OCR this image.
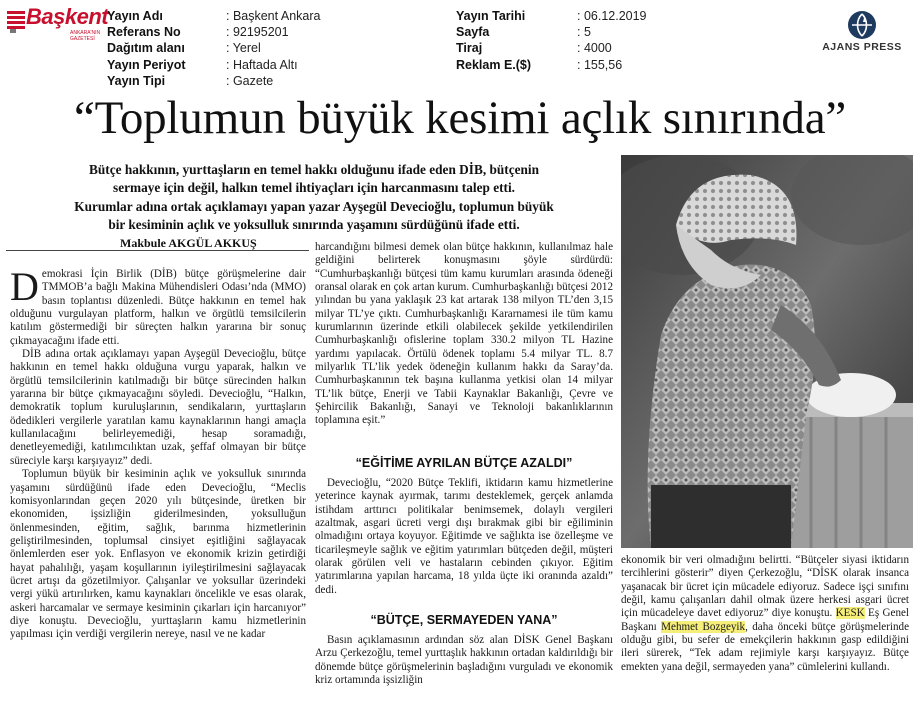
Başkent
ANKARA'NIN GAZETESİ
Yayın Adı	: Başkent Ankara
Referans No	: 92195201
Dağıtım alanı	: Yerel
Yayın Periyot	: Haftada Altı
Yayın Tipi	: Gazete
Yayın Tarihi	: 06.12.2019
Sayfa	: 5
Tiraj	: 4000
Reklam E.($)	: 155,56
AJANS PRESS
“Toplumun büyük kesimi açlık sınırında”
Bütçe hakkının, yurttaşların en temel hakkı olduğunu ifade eden DİB, bütçenin
sermaye için değil, halkın temel ihtiyaçları için harcanmasını talep etti.
Kurumlar adına ortak açıklamayı yapan yazar Ayşegül Devecioğlu, toplumun büyük
bir kesiminin açlık ve yoksulluk sınırında yaşamını sürdüğünü ifade etti.
Makbule AKGÜL AKKUŞ

Demokrasi İçin Birlik (DİB) bütçe görüşmelerine dair TMMOB’a bağlı Makina Mühendisleri Odası’nda (MMO) basın toplantısı düzenledi. Bütçe hakkının en temel hak olduğunu vurgulayan platform, halkın ve örgütlü temsilcilerin katılım göstermediği bir süreçten halkın yararına bir sonuç çıkmayacağını ifade etti.

DİB adına ortak açıklamayı yapan Ayşegül Devecioğlu, bütçe hakkının en temel hakkı olduğuna vurgu yaparak, halkın ve örgütlü temsilcilerinin katılmadığı bir bütçe sürecinden halkın yararına bir bütçe çıkmayacağını söyledi. Devecioğlu, “Halkın, demokratik toplum kuruluşlarının, sendikaların, yurttaşların ödedikleri vergilerle yaratılan kamu kaynaklarının hangi amaçla kullanılacağını belirleyemediği, hesap soramadığı, denetleyemediği, katılımcılıktan uzak, şeffaf olmayan bir bütçe süreciyle karşı karşıyayız” dedi.

Toplumun büyük bir kesiminin açlık ve yoksulluk sınırında yaşamını sürdüğünü ifade eden Devecioğlu, “Meclis komisyonlarından geçen 2020 yılı bütçesinde, üretken bir ekonomiden, işsizliğin giderilmesinden, yoksulluğun önlenmesinden, eğitim, sağlık, barınma hizmetlerinin geliştirilmesinden, toplumsal cinsiyet eşitliğini sağlayacak önlemlerden eser yok. Enflasyon ve ekonomik krizin getirdiği hayat pahalılığı, yaşam koşullarının iyileştirilmesini sağlayacak ücret artışı da gözetilmiyor. Çalışanlar ve yoksullar üzerindeki vergi yükü artırılırken, kamu kaynakları öncelikle ve esas olarak, askeri harcamalar ve sermaye kesiminin çıkarları için harcanıyor” diye konuştu. Devecioğlu, yurttaşların kamu hizmetlerinin yapılması için verdiği vergilerin nereye, nasıl ve ne kadar

harcandığını bilmesi demek olan bütçe hakkının, kullanılmaz hale geldiğini belirterek konuşmasını şöyle sürdürdü: “Cumhurbaşkanlığı bütçesi tüm kamu kurumları arasında ödeneği oransal olarak en çok artan kurum. Cumhurbaşkanlığı bütçesi 2012 yılından bu yana yaklaşık 23 kat artarak 138 milyon TL’den 3,15 milyar TL’ye çıktı. Cumhurbaşkanlığı Kararnamesi ile tüm kamu kurumlarının üzerinde etkili olabilecek şekilde yetkilendirilen Cumhurbaşkanlığı ofislerine toplam 330.2 milyon TL Hazine yardımı yapılacak. Örtülü ödenek toplamı 5.4 milyar TL. 8.7 milyarlık TL’lik yedek ödeneğin kullanım hakkı da Saray’da. Cumhurbaşkanının tek başına kullanma yetkisi olan 14 milyar TL’lik bütçe, Enerji ve Tabii Kaynaklar Bakanlığı, Çevre ve Şehircilik Bakanlığı, Sanayi ve Teknoloji bakanlıklarının toplamına eşit.”

“EĞİTİME AYRILAN BÜTÇE AZALDI”

Devecioğlu, “2020 Bütçe Teklifi, iktidarın kamu hizmetlerine yeterince kaynak ayırmak, tarımı desteklemek, gerçek anlamda istihdam arttırıcı politikalar benimsemek, dolaylı vergileri azaltmak, asgari ücreti vergi dışı bırakmak gibi bir eğiliminin olmadığını ortaya koyuyor. Eğitimde ve sağlıkta ise özelleşme ve ticarileşmeyle sağlık ve eğitim yatırımları bütçeden değil, müşteri olarak görülen veli ve hastaların cebinden çıkıyor. Eğitim yatırımlarına yapılan harcama, 18 yılda üçte iki oranında azaldı” dedi.

“BÜTÇE, SERMAYEDEN YANA”

Basın açıklamasının ardından söz alan DİSK Genel Başkanı Arzu Çerkezoğlu, temel yurttaşlık hakkının ortadan kaldırıldığı bir dönemde bütçe görüşmelerinin başladığını vurguladı ve ekonomik kriz ortamında işsizliğin

ekonomik bir veri olmadığını belirtti. “Bütçeler siyasi iktidarın tercihlerini gösterir” diyen Çerkezoğlu, “DİSK olarak insanca yaşanacak bir ücret için mücadele ediyoruz. Sadece işçi sınıfını değil, kamu çalışanları dahil olmak üzere herkesi asgari ücret için mücadeleye davet ediyoruz” diye konuştu. KESK Eş Genel Başkanı Mehmet Bozgeyik, daha önceki bütçe görüşmelerinde olduğu gibi, bu sefer de emekçilerin hakkının gasp edildiğini ileri sürerek, “Tek adam rejimiyle karşı karşıyayız. Bütçe emekten yana değil, sermayeden yana” cümlelerini kullandı.
